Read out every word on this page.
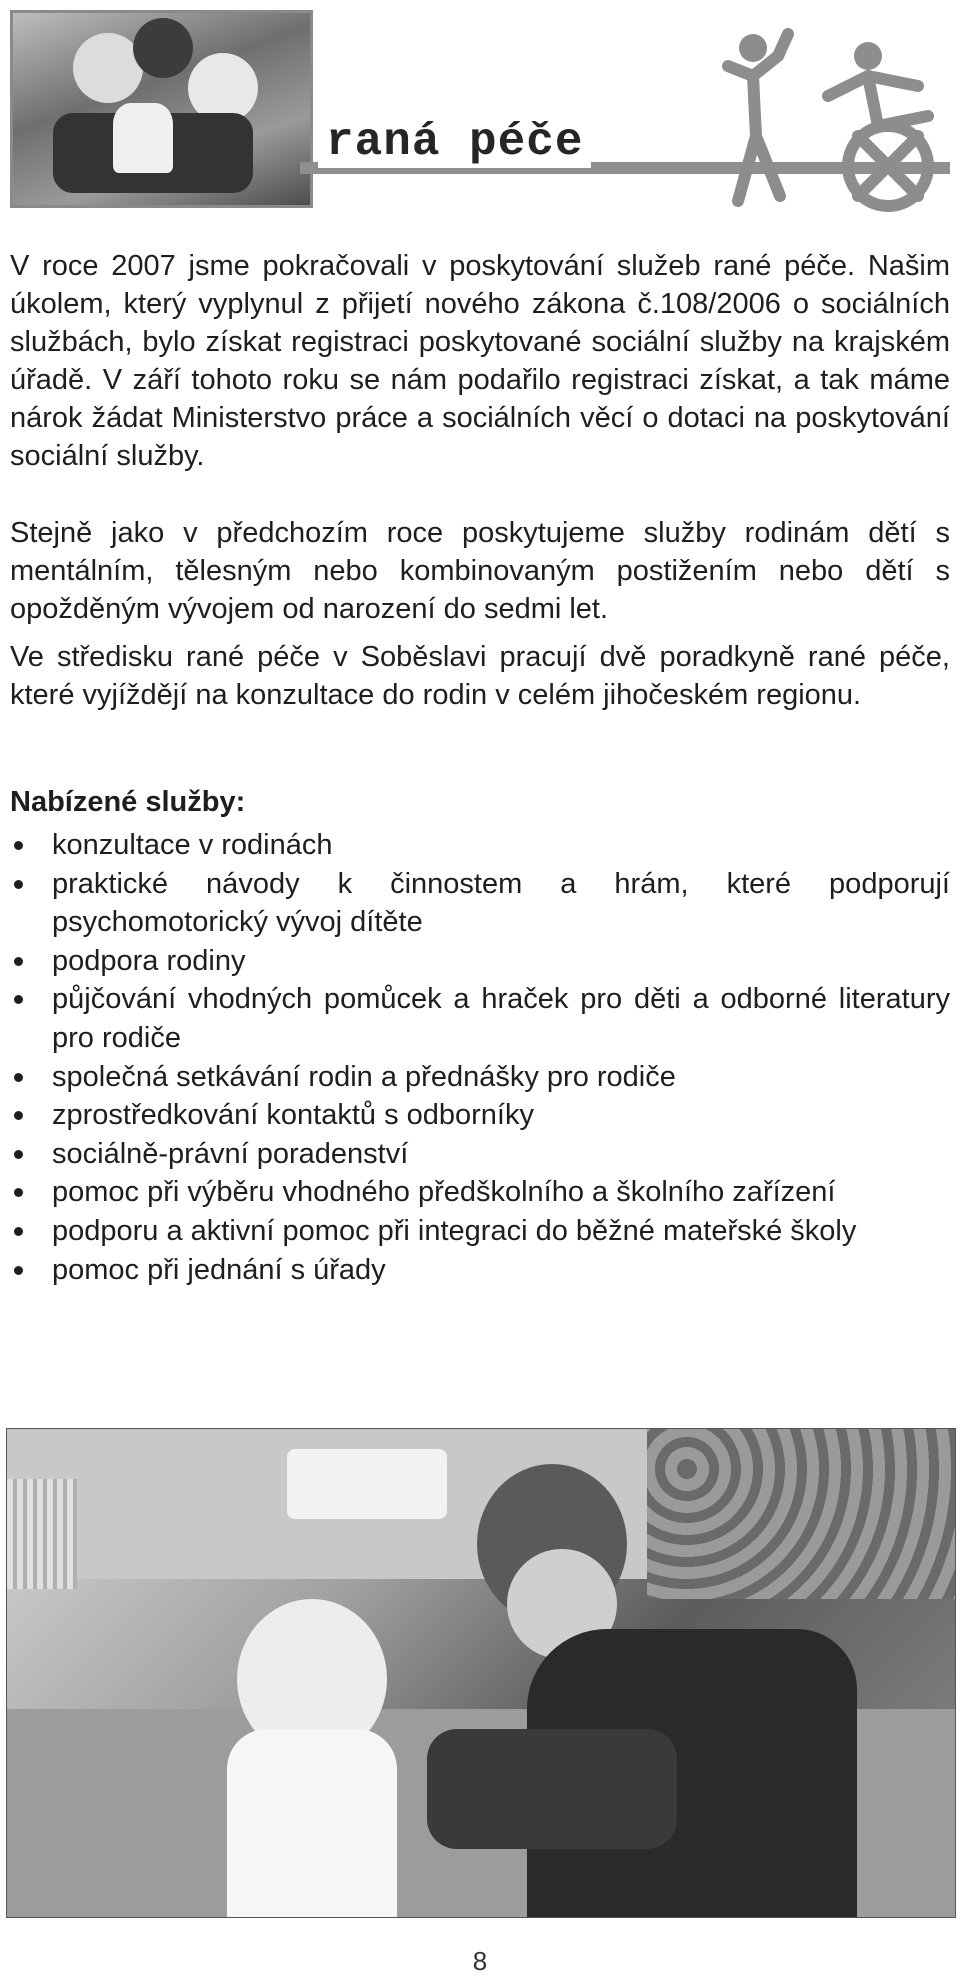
raná péče

V roce 2007 jsme pokračovali v poskytování služeb rané péče. Našim úkolem, který vyplynul z přijetí nového zákona č.108/2006 o sociálních službách, bylo získat registraci poskytované sociální služby na krajském úřadě. V září tohoto roku se nám podařilo registraci získat, a tak máme nárok žádat Ministerstvo práce a sociálních věcí o dotaci na poskytování sociální služby.

Stejně jako v předchozím roce poskytujeme služby rodinám dětí s mentálním, tělesným nebo kombinovaným postižením nebo dětí s opožděným vývojem od narození do sedmi let.

Ve středisku rané péče v Soběslavi pracují dvě poradkyně rané péče, které vyjíždějí na konzultace do rodin v celém jihočeském regionu.

Nabízené služby:

konzultace v rodinách
praktické návody k činnostem a hrám, které podporují psychomotorický vývoj dítěte
podpora rodiny
půjčování vhodných pomůcek a hraček pro děti a odborné literatury pro rodiče
společná setkávání rodin a přednášky pro rodiče
zprostředkování kontaktů s odborníky
sociálně-právní poradenství
pomoc při výběru vhodného předškolního a školního zařízení
podporu a aktivní pomoc při integraci do běžné mateřské školy
pomoc při jednání s úřady
8
